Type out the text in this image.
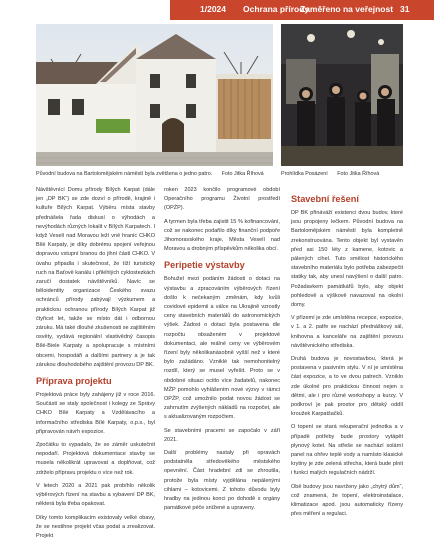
1/2024 Ochrana přírody
Zaměřeno na veřejnost 31
Původní budova na Bartolomějském náměstí byla zvětšena o jedno patro. Foto Jitka Říhová	Prohlídka Posázení Foto Jitka Říhová

Návštěvnící Domu přírody Bílých Karpat (dále jen „DP BK“) se zde dozví o přírodě, krajině i kultuře Bílých Karpat. Výběru místa stavby přednášela řada diskusí o výhodách a nevýhodách různých lokalit v Bílých Karpatech. I když Veselí nad Moravou leží vně hranic CHKO Bílé Karpaty, je díky dobrému spojení veřejnou dopravou vstupní branou do jihní části CHKO. V úvahu připadla i skutečnost, že tíží turistický ruch na Baťově kanálu i přiléhlých cyklostezkách zaručí dostatek návštěvníků. Navíc se běloidentity organizace Českého svazu ochránců přírody zabývají výzkumem a praktickou ochranou přírody Bílých Karpat již čtyřicet let, takže se místo dát i odbornou záruku. Má také dlouhé zkušenosti se zajištěním osvěty, vydává regionální vlastivědný časopis Bílé-Biele Karpaty a spolupracuje s místními obcemi, hospodáři a dalšími partnery a je tak zárukou dlouhodobého zajištění provozu DP BK.

Příprava projektu

Projektová práce byly zahájeny již v roce 2016. Součástí se staly společnost i kolegy ze Správy CHKO Bílé Karpaty a Vzdělávacího a informačního střediska Bílé Karpaty, o.p.s., byl připravován návrh expozice.

Zpočátku to vypadalo, že se záměr uskutečnit nepodaří. Projektová dokumentace stavby se musela několikrát upravovat a doplňovat, což zdrželo přípravu projektu o více než rok.

V letech 2020 a 2021 pak probíhlo několik výběrových řízení na stavbu a vybavení DP BK, některá byla třeba opakovat.

Díky tomto komplikacím existovaly velké obavy, že se nestihne projekt včas podat a zrealizovat. Projekt

roken 2023 končilo programové období Operačního programu Životní prostředí (OPŽP).

A tyrmen byla třeba zajistit 15 % kofinancování, což se nakonec podařilo díky finanční podpoře Jihomoravského kraje, Města Veselí nad Moravou a drobným příspěvkům několika obcí.

Peripetie výstavby

Bohužel mezi podáním žádosti o dotaci na výstavbu a zpracováním výběrových řízení došlo k nečekaným změnám, kdy kvůli covidové epidemii a válce na Ukrajině vzrostly ceny stavebních materiálů do astronomických výšek. Žádost o dotaci byla postavena dle rozpočtu obsaženém v projektové dokumentaci, ale reálné ceny ve výběrovém řízení byly několikanásobně vyšší než v které bylo zažádáno. Vzniklé tak nemohonitelný rozdíl, který se musel vyřešit. Proto se v obdobné situaci ocitlo více žadatelů, nakonec MŽP pomohlo vyhlášením nové výzvy v rámci OPŽP, což umožnilo podat novou žádost se zahrnutím zvýšených nákladů na rozpočet, ale s aktualizovaným rozpočtem.

Se stavebními pracemi se započalo v září 2021.

Další problémy nastaly při opravách podstatněla středověkého městského opevnění. Část hradební zdi se zhroutila, protože byla místy vyjdělána nepálenými cihlami – kotovicemi. Z tohoto důvodu byly hradby na jedinou konci po dohodě s orgány památkové péče snížené a upraveny.

Stavební řešení

DP BK přináváží existenci dvou budov, které jsou propojeny lečkem. Původní budova na Bartolomějském náměstí byla kompletně zrekonstruována. Tento objekt byl vystavěn před asi 150 léty z kamene, kotovic a pálených cihel. Tuto smělost historického stavebního materiálu bylo potřeba zabezpečit statiky tak, aby unesl navýšení o další patro. Požadavkem památkářů bylo, aby objekt pohledově a výškově navazoval na okolní domy.

V přízemí je zde umístěna recepce, expozice, v 1. a 2. patře se nachází přednáškový sál, knihovna a kanceláře na zajištění provozu návštěvnického střediska.

Druhá budova je novostavbou, která je postavena v pasivním stylu. V ní je umístěna část expozice, a to ve dvou patrech. Vzniklo zde úkolné pro praktickou činnost nejen s dětmi, ale i pro různé workshopy a kurzy. V podkroví je pak prostor pro dětský oddíl kroužek Karpatšačků.

O topení se stará rekuperační jednotka a v případě potřeby bude prostory vytápět plynový kotel. Na střeše se nachází solární panel na ohřev teplé vody a namísto klasické krytiny je zde zelená střecha, která bude plnit i funkci malých regulačních nádrží.

Obě budovy jsou navrženy jako „chytrý dům“, což znamená, že topení, elektroinstalace, klimatizace apod. jsou automaticky řízeny přes měření a regulaci.
